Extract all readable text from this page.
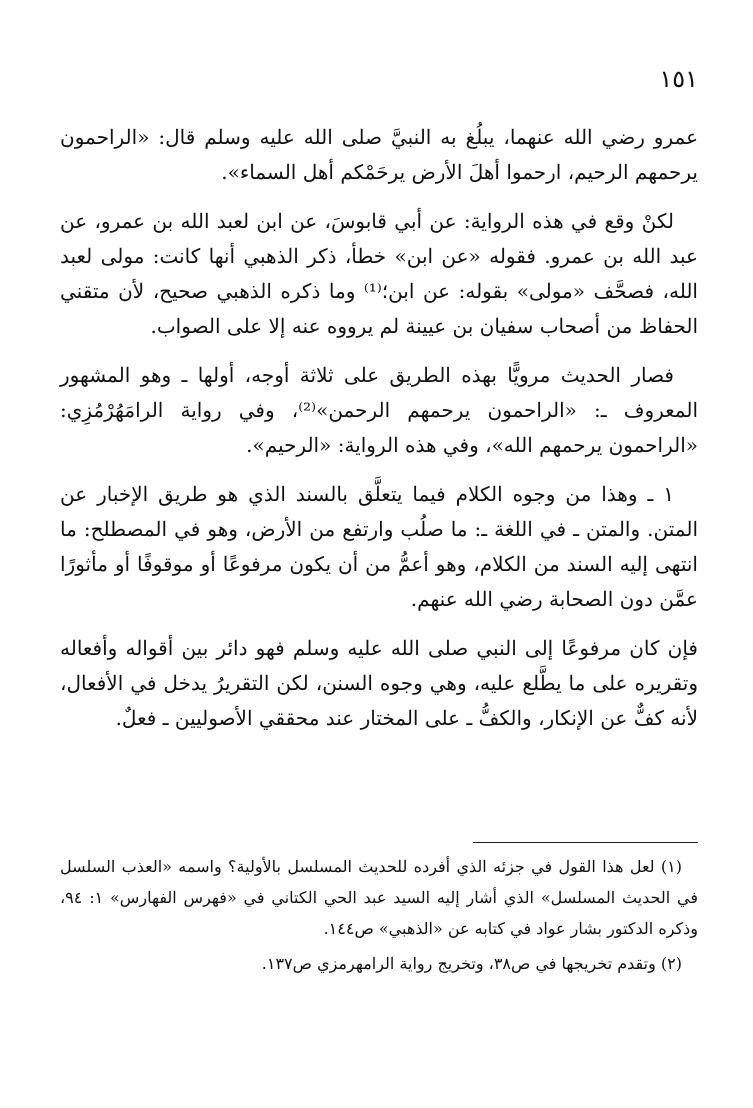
١٥١

عمرو رضي الله عنهما، يبلُغ به النبيَّ صلى الله عليه وسلم قال: «الراحمون يرحمهم الرحيم، ارحموا أهلَ الأرض يرحَمْكم أهل السماء».

لكنْ وقع في هذه الرواية: عن أبي قابوسَ، عن ابن لعبد الله بن عمرو، عن عبد الله بن عمرو. فقوله «عن ابن» خطأ، ذكر الذهبي أنها كانت: مولى لعبد الله، فصحَّف «مولى» بقوله: عن ابن؛⁽¹⁾ وما ذكره الذهبي صحيح، لأن متقني الحفاظ من أصحاب سفيان بن عيينة لم يرووه عنه إلا على الصواب.

فصار الحديث مرويًّا بهذه الطريق على ثلاثة أوجه، أولها ـ وهو المشهور المعروف ـ: «الراحمون يرحمهم الرحمن»⁽²⁾، وفي رواية الرامَهُرْمُزِي: «الراحمون يرحمهم الله»، وفي هذه الرواية: «الرحيم».

١ ـ وهذا من وجوه الكلام فيما يتعلَّق بالسند الذي هو طريق الإخبار عن المتن. والمتن ـ في اللغة ـ: ما صلُب وارتفع من الأرض، وهو في المصطلح: ما انتهى إليه السند من الكلام، وهو أعمُّ من أن يكون مرفوعًا أو موقوفًا أو مأثورًا عمَّن دون الصحابة رضي الله عنهم.

فإن كان مرفوعًا إلى النبي صلى الله عليه وسلم فهو دائر بين أقواله وأفعاله وتقريره على ما يطَّلع عليه، وهي وجوه السنن، لكن التقريرُ يدخل في الأفعال، لأنه كفٌّ عن الإنكار، والكفُّ ـ على المختار عند محققي الأصوليين ـ فعلٌ.

(١) لعل هذا القول في جزئه الذي أفرده للحديث المسلسل بالأولية؟ واسمه «العذب السلسل في الحديث المسلسل» الذي أشار إليه السيد عبد الحي الكتاني في «فهرس الفهارس» ١: ٩٤، وذكره الدكتور بشار عواد في كتابه عن «الذهبي» ص١٤٤.

(٢) وتقدم تخريجها في ص٣٨، وتخريج رواية الرامهرمزي ص١٣٧.
